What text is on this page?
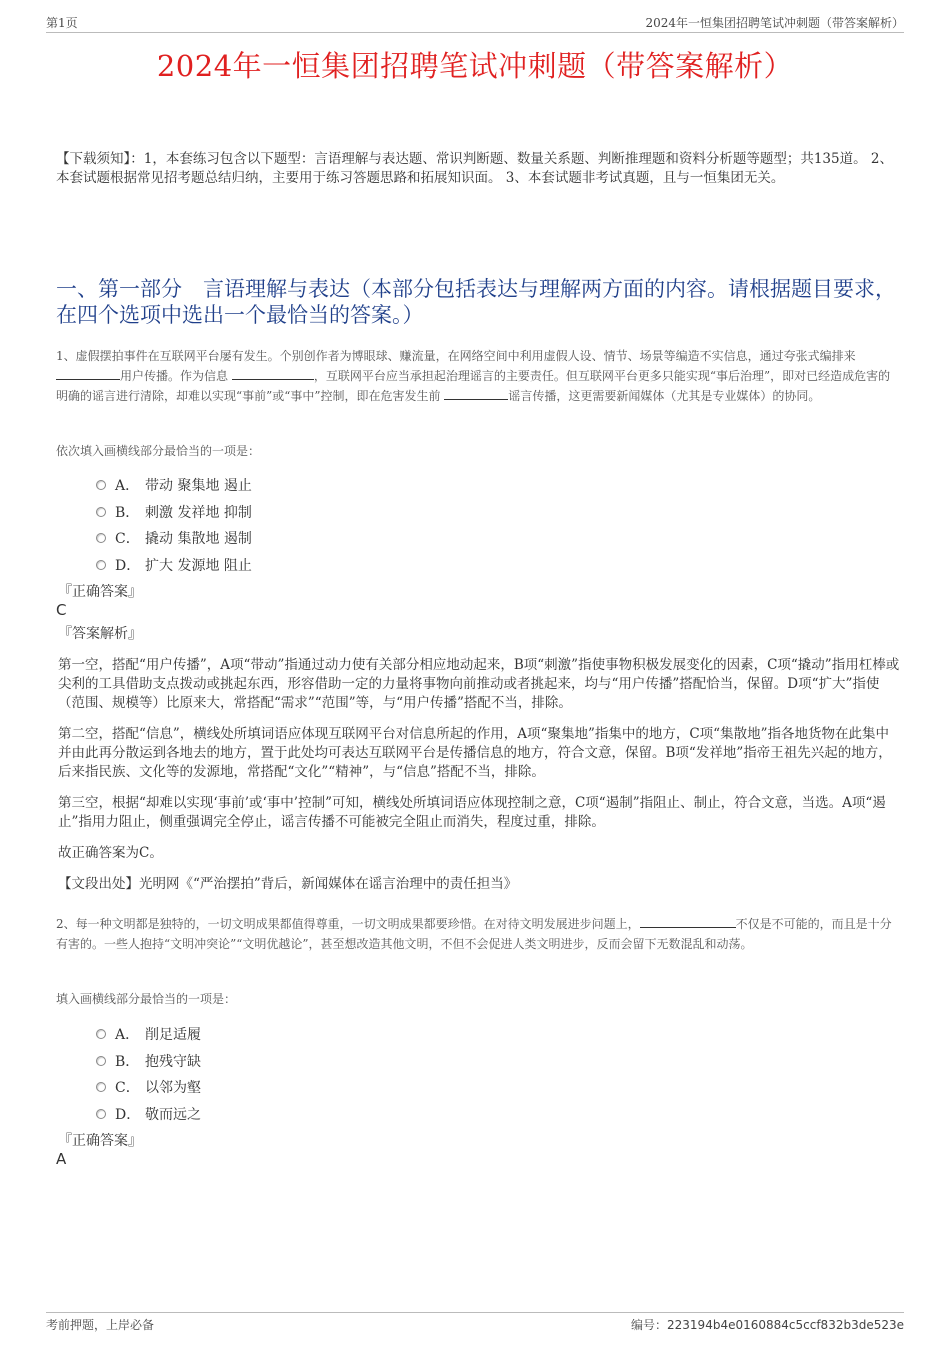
第1页	2024年一恒集团招聘笔试冲刺题（带答案解析）
2024年一恒集团招聘笔试冲刺题（带答案解析）
【下载须知】：1，本套练习包含以下题型：言语理解与表达题、常识判断题、数量关系题、判断推理题和资料分析题等题型；共135道。 2、本套试题根据常见招考题总结归纳，主要用于练习答题思路和拓展知识面。 3、本套试题非考试真题，且与一恒集团无关。
一、第一部分　言语理解与表达（本部分包括表达与理解两方面的内容。请根据题目要求，在四个选项中选出一个最恰当的答案。）
1、虚假摆拍事件在互联网平台屡有发生。个别创作者为博眼球、赚流量，在网络空间中利用虚假人设、情节、场景等编造不实信息，通过夸张式编排来 用户传播。作为信息	，互联网平台应当承担起治理谣言的主要责任。但互联网平台更多只能实现“事后治理”，即对已经造成危害的明确的谣言进行清除，却难以实现“事前”或“事中”控制，即在危害发生前	谣言传播，这更需要新闻媒体（尤其是专业媒体）的协同。
依次填入画横线部分最恰当的一项是：
A． 带动 聚集地 遏止
B． 刺激 发祥地 抑制
C． 撬动 集散地 遏制
D． 扩大 发源地 阻止
『正确答案』
C
『答案解析』

第一空，搭配“用户传播”，A项“带动”指通过动力使有关部分相应地动起来，B项“刺激”指使事物积极发展变化的因素，C项“撬动”指用杠棒或尖利的工具借助支点拨动或挑起东西，形容借助一定的力量将事物向前推动或者挑起来，均与“用户传播”搭配恰当，保留。D项“扩大”指使（范围、规模等）比原来大，常搭配“需求”“范围”等，与“用户传播”搭配不当，排除。

第二空，搭配“信息”，横线处所填词语应体现互联网平台对信息所起的作用，A项“聚集地”指集中的地方，C项“集散地”指各地货物在此集中并由此再分散运到各地去的地方，置于此处均可表达互联网平台是传播信息的地方，符合文意，保留。B项“发祥地”指帝王祖先兴起的地方，后来指民族、文化等的发源地，常搭配“文化”“精神”，与“信息”搭配不当，排除。

第三空，根据“却难以实现‘事前’或‘事中’控制”可知，横线处所填词语应体现控制之意，C项“遏制”指阻止、制止，符合文意，当选。A项“遏止”指用力阻止，侧重强调完全停止，谣言传播不可能被完全阻止而消失，程度过重，排除。

故正确答案为C。

【文段出处】光明网《“严治摆拍”背后，新闻媒体在谣言治理中的责任担当》

2、每一种文明都是独特的，一切文明成果都值得尊重，一切文明成果都要珍惜。在对待文明发展进步问题上，	不仅是不可能的，而且是十分有害的。一些人抱持“文明冲突论”“文明优越论”，甚至想改造其他文明，不但不会促进人类文明进步，反而会留下无数混乱和动荡。
填入画横线部分最恰当的一项是：
A． 削足适履
B． 抱残守缺
C． 以邻为壑
D． 敬而远之
『正确答案』
A
考前押题，上岸必备	编号：223194b4e0160884c5ccf832b3de523e
